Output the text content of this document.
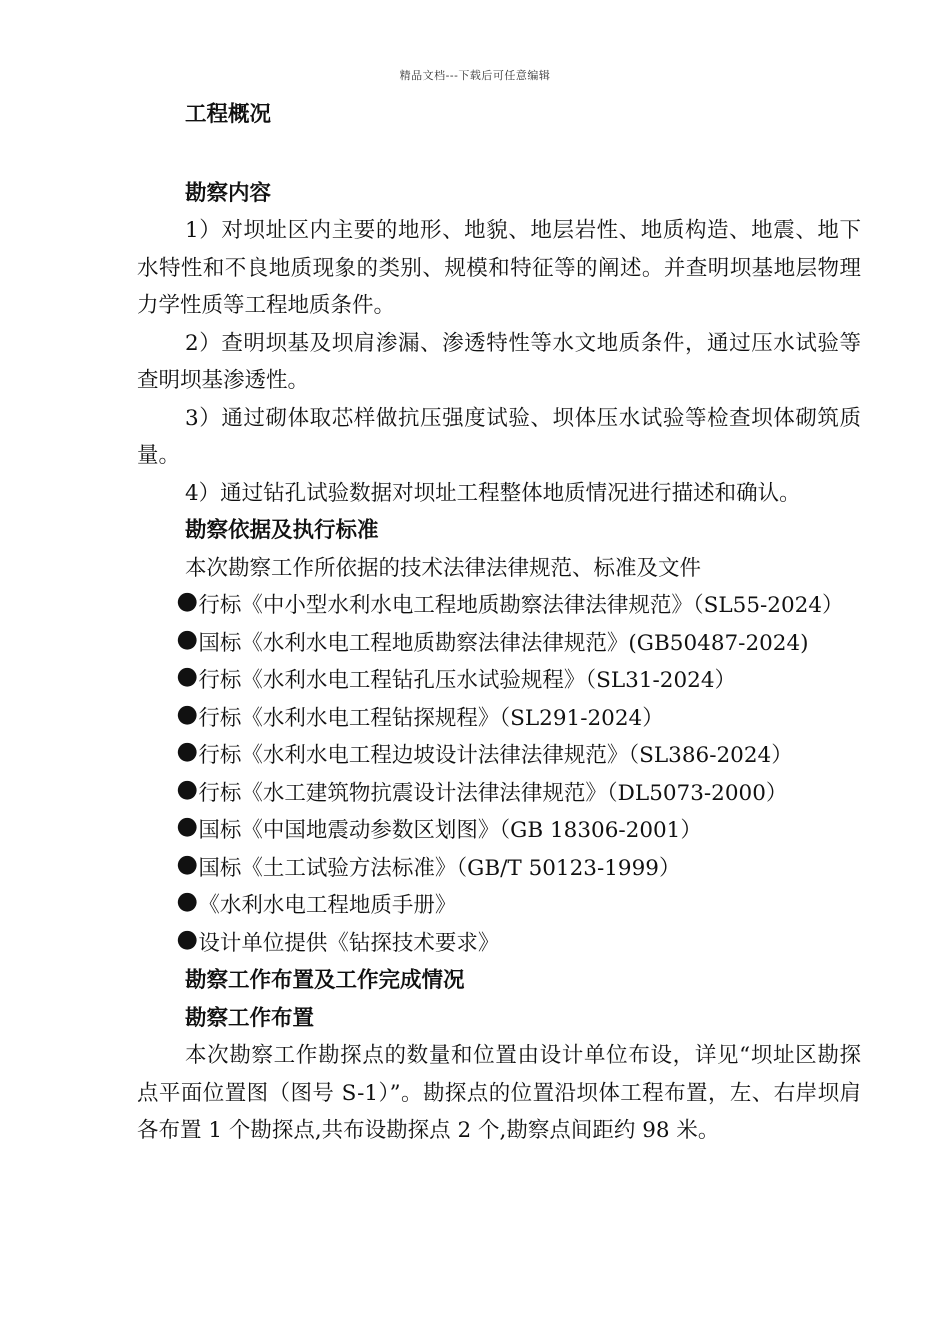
精品文档---下载后可任意编辑

工程概况

勘察内容

1）对坝址区内主要的地形、地貌、地层岩性、地质构造、地震、地下水特性和不良地质现象的类别、规模和特征等的阐述。并查明坝基地层物理力学性质等工程地质条件。

2）查明坝基及坝肩渗漏、渗透特性等水文地质条件，通过压水试验等查明坝基渗透性。

3）通过砌体取芯样做抗压强度试验、坝体压水试验等检查坝体砌筑质量。

4）通过钻孔试验数据对坝址工程整体地质情况进行描述和确认。

勘察依据及执行标准

本次勘察工作所依据的技术法律法律规范、标准及文件

行标《中小型水利水电工程地质勘察法律法律规范》（SL55-2024）

国标《水利水电工程地质勘察法律法律规范》(GB50487-2024)

行标《水利水电工程钻孔压水试验规程》（SL31-2024）

行标《水利水电工程钻探规程》（SL291-2024）

行标《水利水电工程边坡设计法律法律规范》（SL386-2024）

行标《水工建筑物抗震设计法律法律规范》（DL5073-2000）

国标《中国地震动参数区划图》（GB 18306-2001）

国标《土工试验方法标准》（GB/T 50123-1999）

《水利水电工程地质手册》

设计单位提供《钻探技术要求》

勘察工作布置及工作完成情况

勘察工作布置

本次勘察工作勘探点的数量和位置由设计单位布设，详见“坝址区勘探点平面位置图（图号 S-1）”。勘探点的位置沿坝体工程布置，左、右岸坝肩各布置 1 个勘探点,共布设勘探点 2 个,勘察点间距约 98 米。
